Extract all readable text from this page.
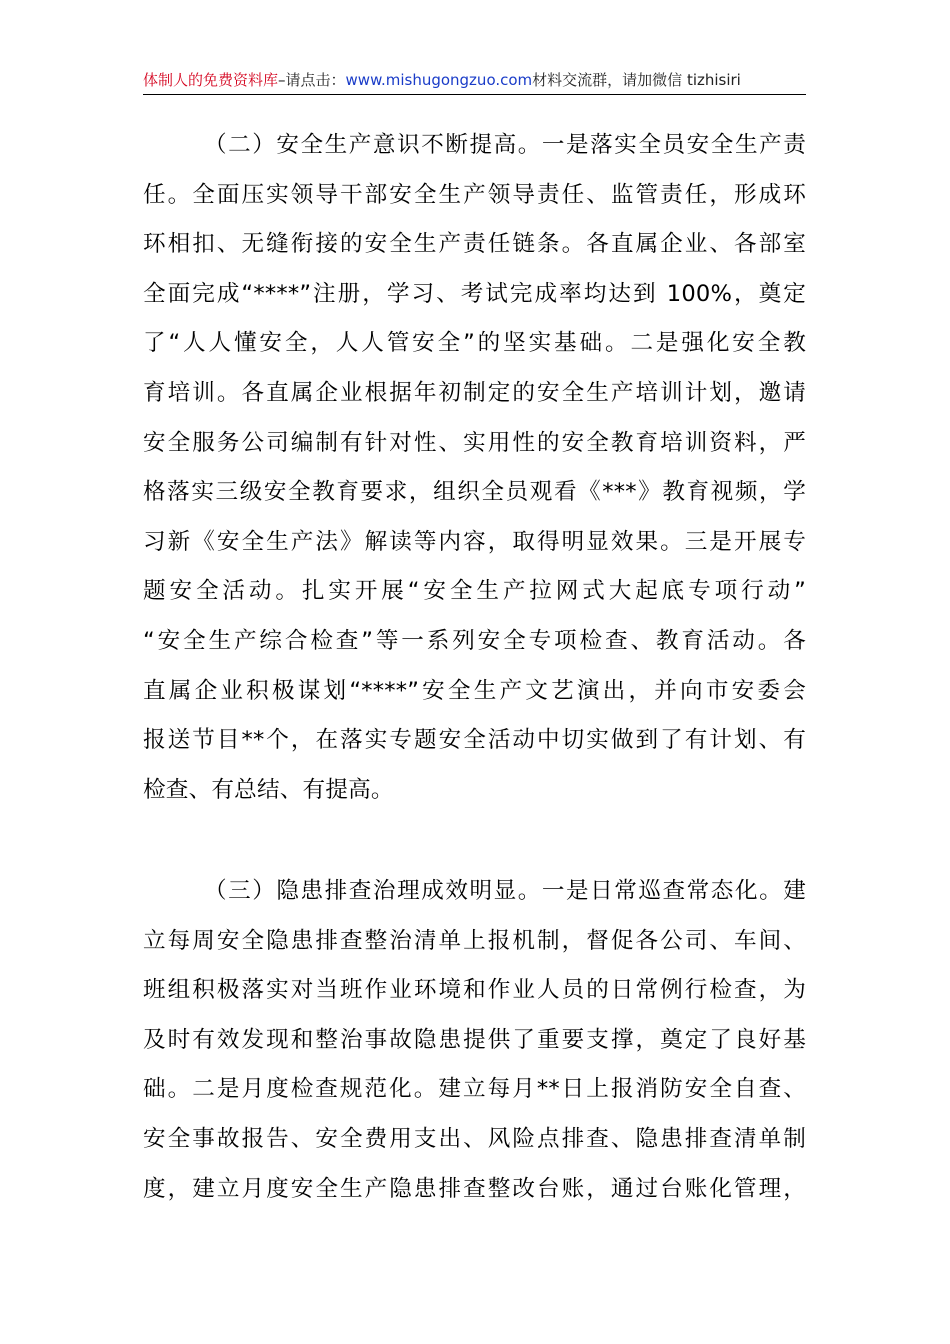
体制人的免费资料库–请点击：www.mishugongzuo.com材料交流群，请加微信 tizhisiri
（二）安全生产意识不断提高。一是落实全员安全生产责
任。全面压实领导干部安全生产领导责任、监管责任，形成环
环相扣、无缝衔接的安全生产责任链条。各直属企业、各部室
全面完成“****”注册，学习、考试完成率均达到 100%，奠定
了“人人懂安全，人人管安全”的坚实基础。二是强化安全教
育培训。各直属企业根据年初制定的安全生产培训计划，邀请
安全服务公司编制有针对性、实用性的安全教育培训资料，严
格落实三级安全教育要求，组织全员观看《***》教育视频，学
习新《安全生产法》解读等内容，取得明显效果。三是开展专
题安全活动。扎实开展“安全生产拉网式大起底专项行动”
“安全生产综合检查”等一系列安全专项检查、教育活动。各
直属企业积极谋划“****”安全生产文艺演出，并向市安委会
报送节目**个，在落实专题安全活动中切实做到了有计划、有
检查、有总结、有提高。
（三）隐患排查治理成效明显。一是日常巡查常态化。建
立每周安全隐患排查整治清单上报机制，督促各公司、车间、
班组积极落实对当班作业环境和作业人员的日常例行检查，为
及时有效发现和整治事故隐患提供了重要支撑，奠定了良好基
础。二是月度检查规范化。建立每月**日上报消防安全自查、
安全事故报告、安全费用支出、风险点排查、隐患排查清单制
度，建立月度安全生产隐患排查整改台账，通过台账化管理，
